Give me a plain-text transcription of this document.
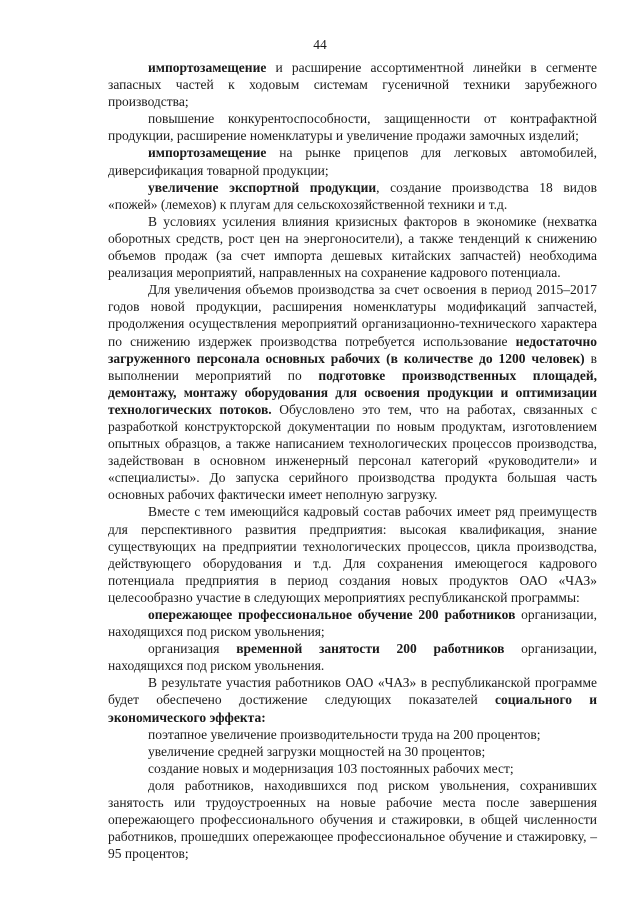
44

импортозамещение и расширение ассортиментной линейки в сегменте запасных частей к ходовым системам гусеничной техники зарубежного производства;

повышение конкурентоспособности, защищенности от контрафактной продукции, расширение номенклатуры и увеличение продажи замочных изделий;

импортозамещение на рынке прицепов для легковых автомобилей, диверсификация товарной продукции;

увеличение экспортной продукции, создание производства 18 видов «пожей» (лемехов) к плугам для сельскохозяйственной техники и т.д.

В условиях усиления влияния кризисных факторов в экономике (нехватка оборотных средств, рост цен на энергоносители), а также тенденций к снижению объемов продаж (за счет импорта дешевых китайских запчастей) необходима реализация мероприятий, направленных на сохранение кадрового потенциала.

Для увеличения объемов производства за счет освоения в период 2015–2017 годов новой продукции, расширения номенклатуры модификаций запчастей, продолжения осуществления мероприятий организационно-технического характера по снижению издержек производства потребуется использование недостаточно загруженного персонала основных рабочих (в количестве до 1200 человек) в выполнении мероприятий по подготовке производственных площадей, демонтажу, монтажу оборудования для освоения продукции и оптимизации технологических потоков. Обусловлено это тем, что на работах, связанных с разработкой конструкторской документации по новым продуктам, изготовлением опытных образцов, а также написанием технологических процессов производства, задействован в основном инженерный персонал категорий «руководители» и «специалисты». До запуска серийного производства продукта большая часть основных рабочих фактически имеет неполную загрузку.

Вместе с тем имеющийся кадровый состав рабочих имеет ряд преимуществ для перспективного развития предприятия: высокая квалификация, знание существующих на предприятии технологических процессов, цикла производства, действующего оборудования и т.д. Для сохранения имеющегося кадрового потенциала предприятия в период создания новых продуктов ОАО «ЧАЗ» целесообразно участие в следующих мероприятиях республиканской программы:

опережающее профессиональное обучение 200 работников организации, находящихся под риском увольнения;

организация временной занятости 200 работников организации, находящихся под риском увольнения.

В результате участия работников ОАО «ЧАЗ» в республиканской программе будет обеспечено достижение следующих показателей социального и экономического эффекта:

поэтапное увеличение производительности труда на 200 процентов;

увеличение средней загрузки мощностей на 30 процентов;

создание новых и модернизация 103 постоянных рабочих мест;

доля работников, находившихся под риском увольнения, сохранивших занятость или трудоустроенных на новые рабочие места после завершения опережающего профессионального обучения и стажировки, в общей численности работников, прошедших опережающее профессиональное обучение и стажировку, – 95 процентов;
